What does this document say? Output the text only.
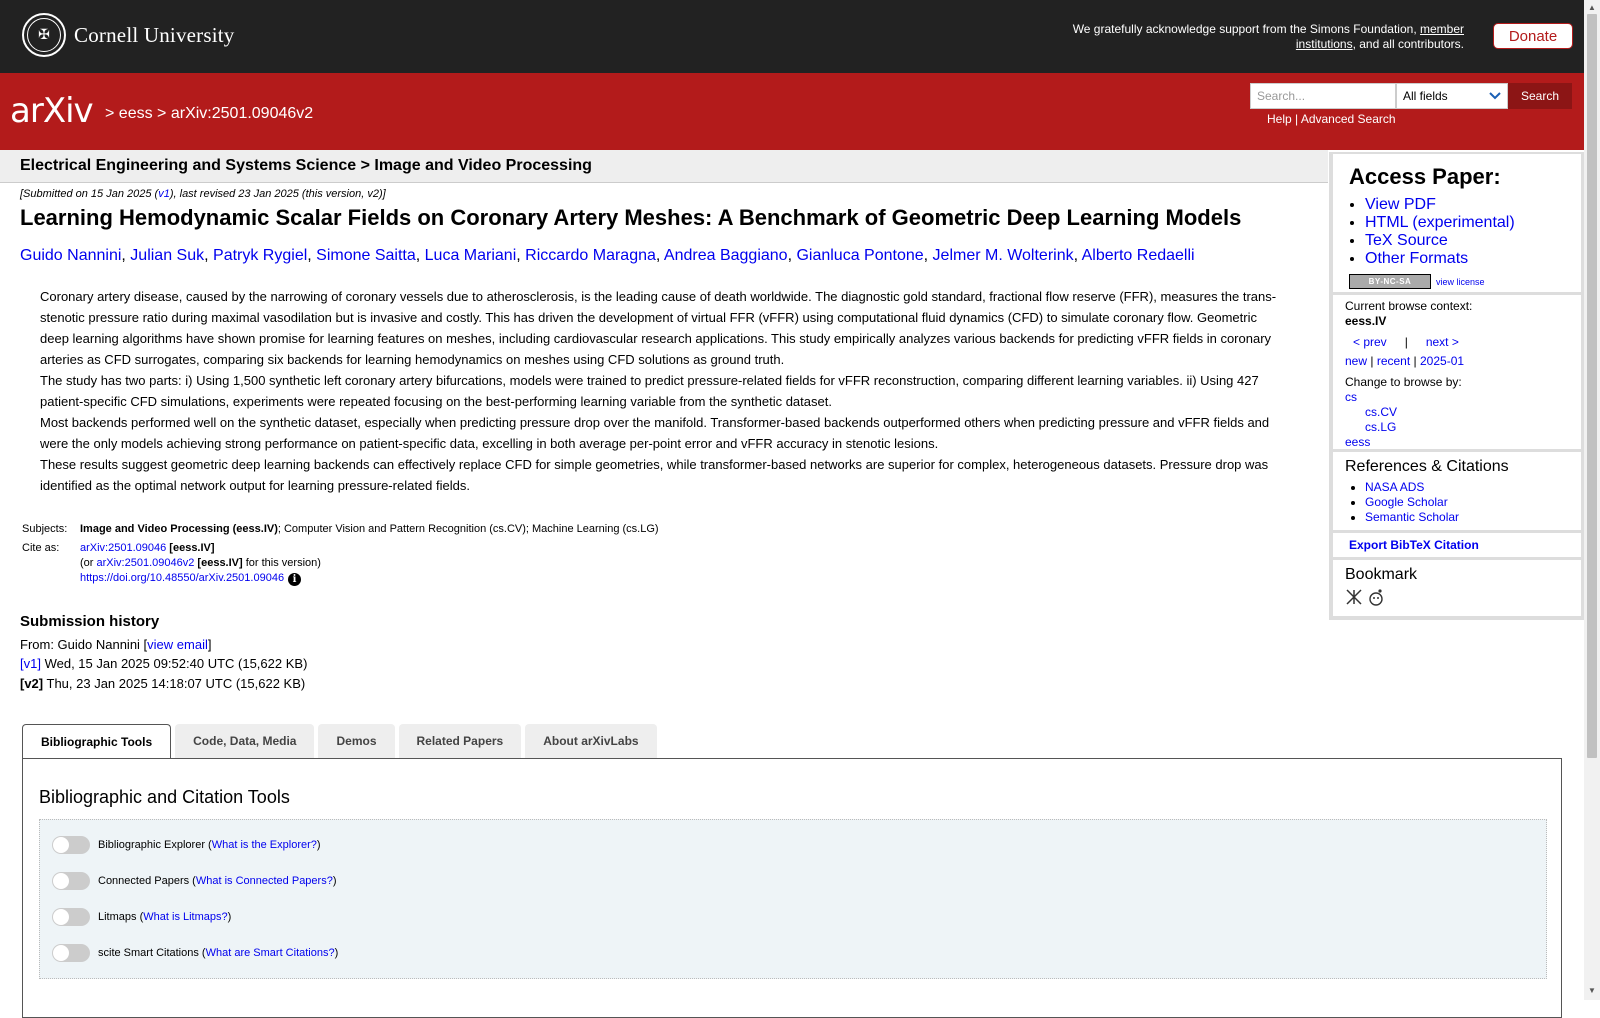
✠	Cornell University	We gratefully acknowledge support from the Simons Foundation, member institutions, and all contributors.	Donate
arXiv > eess > arXiv:2501.09046v2
Search...	All fields	Search
Help | Advanced Search
Electrical Engineering and Systems Science > Image and Video Processing
[Submitted on 15 Jan 2025 (v1), last revised 23 Jan 2025 (this version, v2)]
Learning Hemodynamic Scalar Fields on Coronary Artery Meshes: A Benchmark of Geometric Deep Learning Models
Guido Nannini, Julian Suk, Patryk Rygiel, Simone Saitta, Luca Mariani, Riccardo Maragna, Andrea Baggiano, Gianluca Pontone, Jelmer M. Wolterink, Alberto Redaelli

Coronary artery disease, caused by the narrowing of coronary vessels due to atherosclerosis, is the leading cause of death worldwide. The diagnostic gold standard, fractional flow reserve (FFR), measures the trans-stenotic pressure ratio during maximal vasodilation but is invasive and costly. This has driven the development of virtual FFR (vFFR) using computational fluid dynamics (CFD) to simulate coronary flow. Geometric deep learning algorithms have shown promise for learning features on meshes, including cardiovascular research applications. This study empirically analyzes various backends for predicting vFFR fields in coronary arteries as CFD surrogates, comparing six backends for learning hemodynamics on meshes using CFD solutions as ground truth.

The study has two parts: i) Using 1,500 synthetic left coronary artery bifurcations, models were trained to predict pressure-related fields for vFFR reconstruction, comparing different learning variables. ii) Using 427 patient-specific CFD simulations, experiments were repeated focusing on the best-performing learning variable from the synthetic dataset.

Most backends performed well on the synthetic dataset, especially when predicting pressure drop over the manifold. Transformer-based backends outperformed others when predicting pressure and vFFR fields and were the only models achieving strong performance on patient-specific data, excelling in both average per-point error and vFFR accuracy in stenotic lesions.

These results suggest geometric deep learning backends can effectively replace CFD for simple geometries, while transformer-based networks are superior for complex, heterogeneous datasets. Pressure drop was identified as the optimal network output for learning pressure-related fields.

Subjects:	Image and Video Processing (eess.IV); Computer Vision and Pattern Recognition (cs.CV); Machine Learning (cs.LG)
Cite as:	arXiv:2501.09046 [eess.IV]
(or arXiv:2501.09046v2 [eess.IV] for this version)
https://doi.org/10.48550/arXiv.2501.09046 i
Submission history
From: Guido Nannini [view email]
[v1] Wed, 15 Jan 2025 09:52:40 UTC (15,622 KB)
[v2] Thu, 23 Jan 2025 14:18:07 UTC (15,622 KB)
Access Paper:
• View PDF
• HTML (experimental)
• TeX Source
• Other Formats
BY-NC-SA	view license
Current browse context:
eess.IV
< prev | next >
new | recent | 2025-01
Change to browse by:
cs
cs.CV
cs.LG
eess
References & Citations
• NASA ADS
• Google Scholar
• Semantic Scholar
Export BibTeX Citation
Bookmark
Bibliographic Tools	Code, Data, Media	Demos	Related Papers	About arXivLabs
Bibliographic and Citation Tools
Bibliographic Explorer ( What is the Explorer? )
Connected Papers ( What is Connected Papers? )
Litmaps ( What is Litmaps? )
scite Smart Citations ( What are Smart Citations? )
▲
▼
